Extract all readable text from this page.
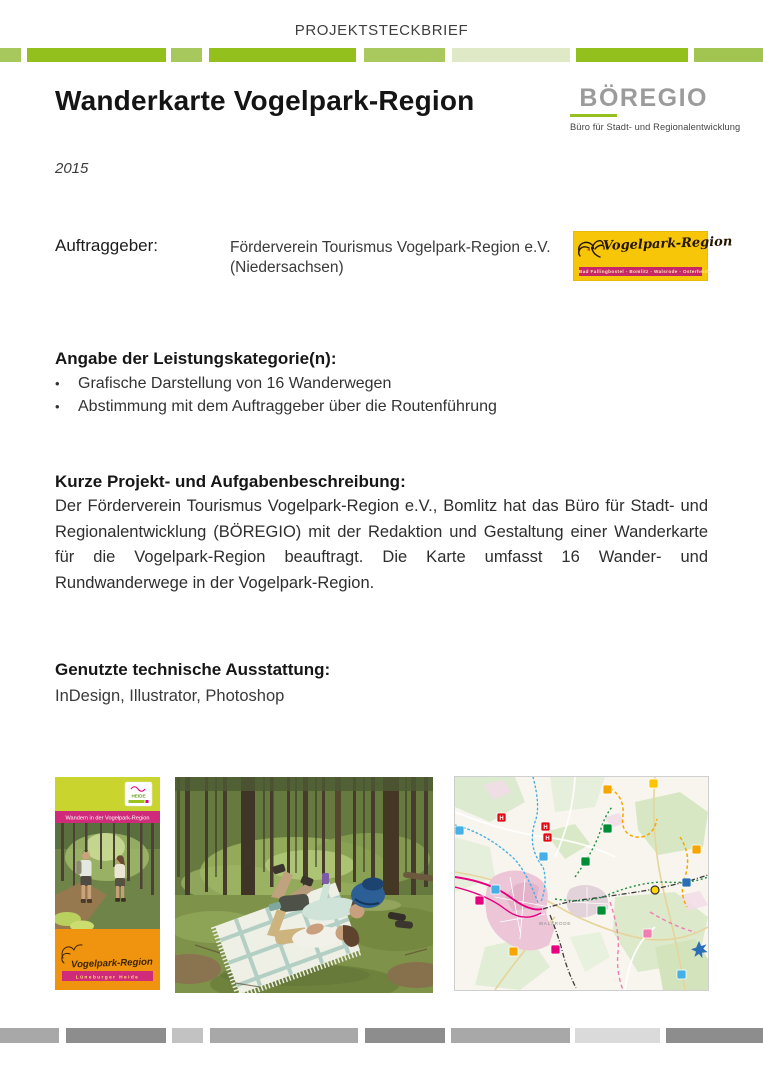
PROJEKTSTECKBRIEF
Wanderkarte Vogelpark-Region	BÖREGIO
Büro für Stadt- und Regionalentwicklung
2015
Auftraggeber:	Förderverein Tourismus Vogelpark-Region e.V.
(Niedersachsen)
Vogelpark-Region
Bad Fallingbostel - Bomlitz - Walsrode - Osterheide
Angabe der Leistungskategorie(n):
•	Grafische Darstellung von 16 Wanderwegen
•	Abstimmung mit dem Auftraggeber über die Routenführung
Kurze Projekt- und Aufgabenbeschreibung:
Der Förderverein Tourismus Vogelpark-Region e.V., Bomlitz hat das Büro für Stadt- und Regionalentwicklung (BÖREGIO) mit der Redaktion und Gestaltung einer Wanderkarte für die Vogelpark-Region beauftragt. Die Karte umfasst 16 Wander- und Rundwanderwege in der Vogelpark-Region.
Genutzte technische Ausstattung:
InDesign, Illustrator, Photoshop
HEIDE
Wandern in der Vogelpark-Region
Vogelpark-Region
Lüneburger Heide
H
H
H
WALSRODE
